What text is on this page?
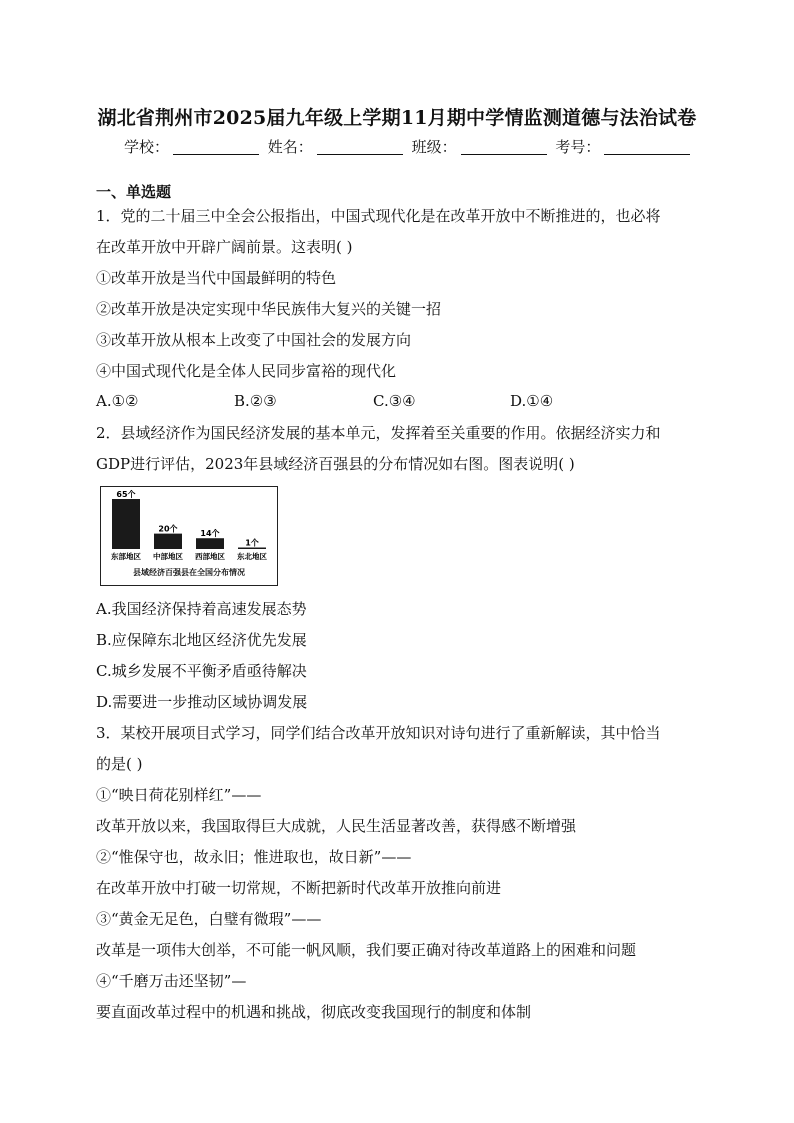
湖北省荆州市2025届九年级上学期11月期中学情监测道德与法治试卷
学校：	姓名：	班级：	考号：
一、单选题
1．党的二十届三中全会公报指出，中国式现代化是在改革开放中不断推进的，也必将
在改革开放中开辟广阔前景。这表明( )
①改革开放是当代中国最鲜明的特色
②改革开放是决定实现中华民族伟大复兴的关键一招
③改革开放从根本上改变了中国社会的发展方向
④中国式现代化是全体人民同步富裕的现代化
A.①②	B.②③	C.③④	D.①④
2．县域经济作为国民经济发展的基本单元，发挥着至关重要的作用。依据经济实力和
GDP进行评估，2023年县域经济百强县的分布情况如右图。图表说明( )
65个
东部地区
20个
中部地区
14个
西部地区
1个
东北地区
县域经济百强县在全国分布情况
A.我国经济保持着高速发展态势
B.应保障东北地区经济优先发展
C.城乡发展不平衡矛盾亟待解决
D.需要进一步推动区域协调发展
3．某校开展项目式学习，同学们结合改革开放知识对诗句进行了重新解读，其中恰当
的是( )
①“映日荷花别样红”——
改革开放以来，我国取得巨大成就，人民生活显著改善，获得感不断增强
②“惟保守也，故永旧；惟进取也，故日新”——
在改革开放中打破一切常规，不断把新时代改革开放推向前进
③“黄金无足色，白璧有微瑕”——
改革是一项伟大创举，不可能一帆风顺，我们要正确对待改革道路上的困难和问题
④“千磨万击还坚韧”—
要直面改革过程中的机遇和挑战，彻底改变我国现行的制度和体制
